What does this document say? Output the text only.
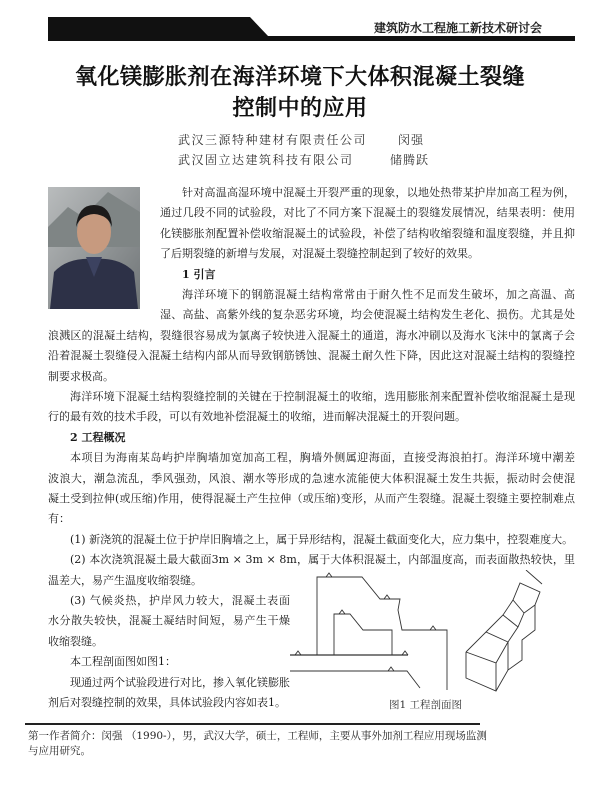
建筑防水工程施工新技术研讨会
氧化镁膨胀剂在海洋环境下大体积混凝土裂缝
控制中的应用
武汉三源特种建材有限责任公司	闵强
武汉固立达建筑科技有限公司	储腾跃
针对高温高湿环境中混凝土开裂严重的现象，以地处热带某护岸加高工程为例，
通过几段不同的试验段，对比了不同方案下混凝土的裂缝发展情况，结果表明：使用
化镁膨胀剂配置补偿收缩混凝土的试验段，补偿了结构收缩裂缝和温度裂缝，并且抑
了后期裂缝的新增与发展，对混凝土裂缝控制起到了较好的效果。
1 引言
海洋环境下的钢筋混凝土结构常常由于耐久性不足而发生破坏，加之高温、高
湿、高盐、高紫外线的复杂恶劣环境，均会使混凝土结构发生老化、损伤。尤其是处
浪溅区的混凝土结构，裂缝很容易成为氯离子较快进入混凝土的通道，海水冲刷以及海水飞沫中的氯离子会
沿着混凝土裂缝侵入混凝土结构内部从而导致钢筋锈蚀、混凝土耐久性下降，因此这对混凝土结构的裂缝控
制要求极高。
海洋环境下混凝土结构裂缝控制的关键在于控制混凝土的收缩，选用膨胀剂来配置补偿收缩混凝土是现
行的最有效的技术手段，可以有效地补偿混凝土的收缩，进而解决混凝土的开裂问题。
2 工程概况
本项目为海南某岛屿护岸胸墙加宽加高工程，胸墙外侧属迎海面，直接受海浪拍打。海洋环境中潮差
波浪大，潮急流乱，季风强劲，风浪、潮水等形成的急速水流能使大体积混凝土发生共振，振动时会使混
凝土受到拉伸(或压缩)作用，使得混凝土产生拉伸（或压缩)变形，从而产生裂缝。混凝土裂缝主要控制难点
有：
(1) 新浇筑的混凝土位于护岸旧胸墙之上，属于异形结构，混凝土截面变化大，应力集中，控裂难度大。
(2) 本次浇筑混凝土最大截面3m × 3m × 8m，属于大体积混凝土，内部温度高，而表面散热较快，里
温差大，易产生温度收缩裂缝。
(3) 气候炎热，护岸风力较大，混凝土表面
水分散失较快，混凝土凝结时间短，易产生干燥
收缩裂缝。
本工程剖面图如图1：
现通过两个试验段进行对比，掺入氧化镁膨胀
剂后对裂缝控制的效果，具体试验段内容如表1。	图1 工程剖面图
第一作者简介：闵强 （1990-），男，武汉大学，硕士，工程师，主要从事外加剂工程应用现场监测
与应用研究。
